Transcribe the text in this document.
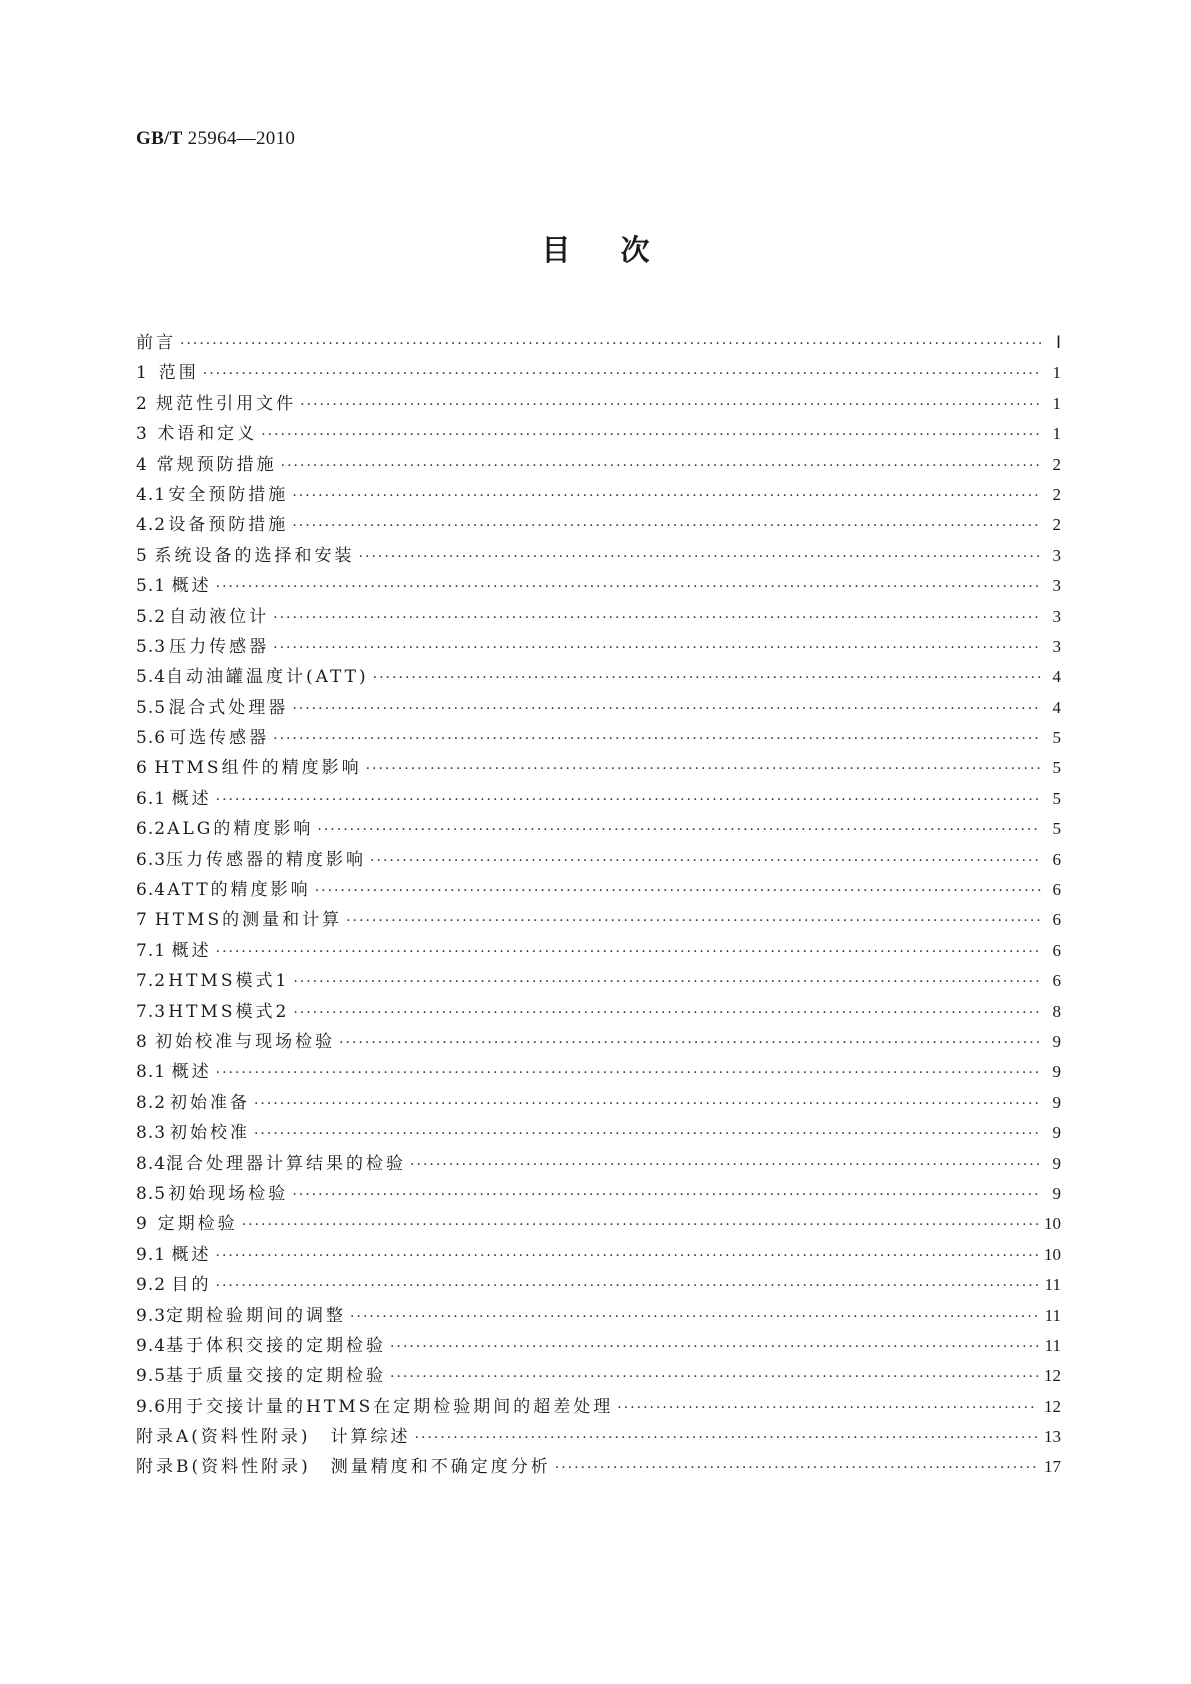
GB/T 25964—2010
目次
前言 ·····	Ⅰ
1 范围 ·····	1
2 规范性引用文件 ·····	1
3 术语和定义 ·····	1
4 常规预防措施 ·····	2
4.1 安全预防措施 ·····	2
4.2 设备预防措施 ·····	2
5 系统设备的选择和安装 ·····	3
5.1 概述 ·····	3
5.2 自动液位计 ·····	3
5.3 压力传感器 ·····	3
5.4 自动油罐温度计(ATT) ·····	4
5.5 混合式处理器 ·····	4
5.6 可选传感器 ·····	5
6 HTMS组件的精度影响 ·····	5
6.1 概述 ·····	5
6.2 ALG的精度影响 ·····	5
6.3 压力传感器的精度影响 ·····	6
6.4 ATT的精度影响 ·····	6
7 HTMS的测量和计算 ·····	6
7.1 概述 ·····	6
7.2 HTMS模式1 ·····	6
7.3 HTMS模式2 ·····	8
8 初始校准与现场检验 ·····	9
8.1 概述 ·····	9
8.2 初始准备 ·····	9
8.3 初始校准 ·····	9
8.4 混合处理器计算结果的检验 ·····	9
8.5 初始现场检验 ·····	9
9 定期检验 ·····	10
9.1 概述 ·····	10
9.2 目的 ·····	11
9.3 定期检验期间的调整 ·····	11
9.4 基于体积交接的定期检验 ·····	11
9.5 基于质量交接的定期检验 ·····	12
9.6 用于交接计量的HTMS在定期检验期间的超差处理 ·····	12
附录A(资料性附录)　计算综述 ·····	13
附录B(资料性附录)　测量精度和不确定度分析 ·····	17
